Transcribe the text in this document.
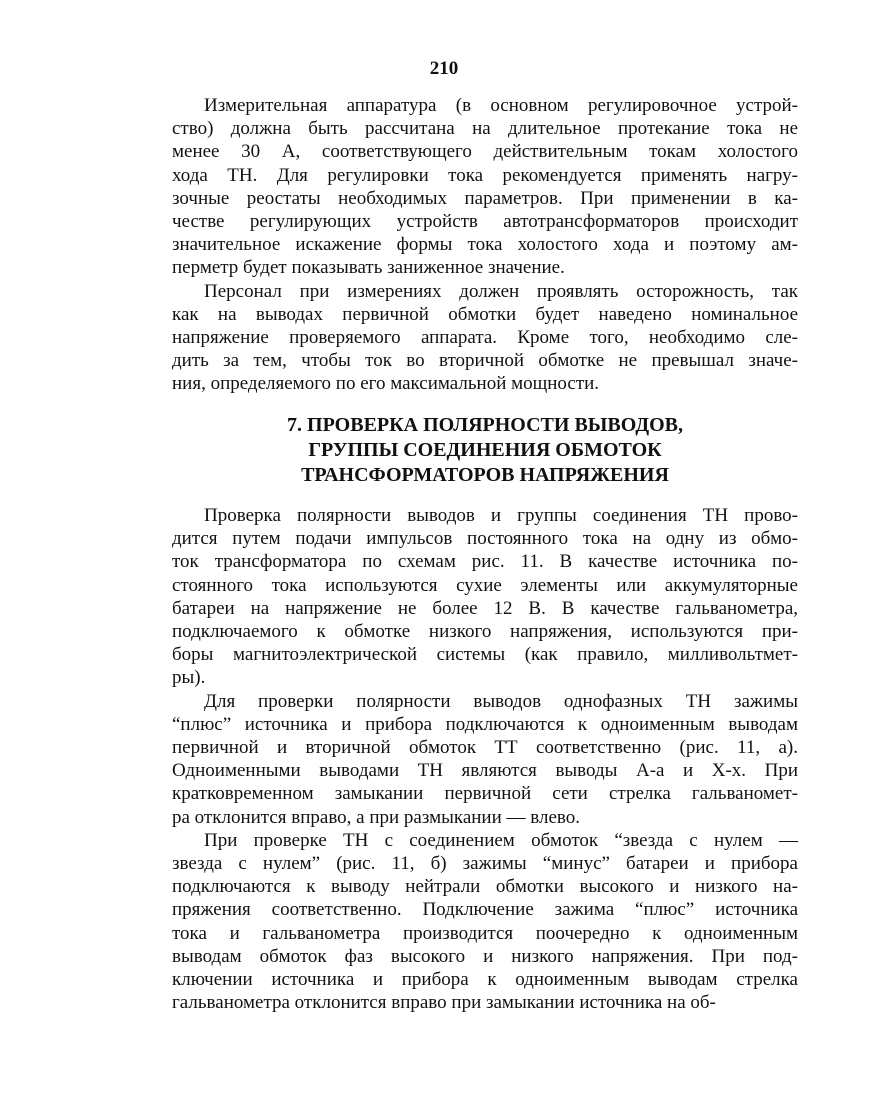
210

Измерительная аппаратура (в основном регулировочное устрой-
ство) должна быть рассчитана на длительное протекание тока не
менее 30 А, соответствующего действительным токам холостого
хода ТН. Для регулировки тока рекомендуется применять нагру-
зочные реостаты необходимых параметров. При применении в ка-
честве регулирующих устройств автотрансформаторов происходит
значительное искажение формы тока холостого хода и поэтому ам-
перметр будет показывать заниженное значение.

Персонал при измерениях должен проявлять осторожность, так
как на выводах первичной обмотки будет наведено номинальное
напряжение проверяемого аппарата. Кроме того, необходимо сле-
дить за тем, чтобы ток во вторичной обмотке не превышал значе-
ния, определяемого по его максимальной мощности.

7. ПРОВЕРКА ПОЛЯРНОСТИ ВЫВОДОВ,
ГРУППЫ СОЕДИНЕНИЯ ОБМОТОК
ТРАНСФОРМАТОРОВ НАПРЯЖЕНИЯ

Проверка полярности выводов и группы соединения ТН прово-
дится путем подачи импульсов постоянного тока на одну из обмо-
ток трансформатора по схемам рис. 11. В качестве источника по-
стоянного тока используются сухие элементы или аккумуляторные
батареи на напряжение не более 12 В. В качестве гальванометра,
подключаемого к обмотке низкого напряжения, используются при-
боры магнитоэлектрической системы (как правило, милливольтмет-
ры).

Для проверки полярности выводов однофазных ТН зажимы
“плюс” источника и прибора подключаются к одноименным выводам
первичной и вторичной обмоток ТТ соответственно (рис. 11, а).
Одноименными выводами ТН являются выводы А-а и Х-х. При
кратковременном замыкании первичной сети стрелка гальваномет-
ра отклонится вправо, а при размыкании — влево.

При проверке ТН с соединением обмоток “звезда с нулем —
звезда с нулем” (рис. 11, б) зажимы “минус” батареи и прибора
подключаются к выводу нейтрали обмотки высокого и низкого на-
пряжения соответственно. Подключение зажима “плюс” источника
тока и гальванометра производится поочередно к одноименным
выводам обмоток фаз высокого и низкого напряжения. При под-
ключении источника и прибора к одноименным выводам стрелка
гальванометра отклонится вправо при замыкании источника на об-
